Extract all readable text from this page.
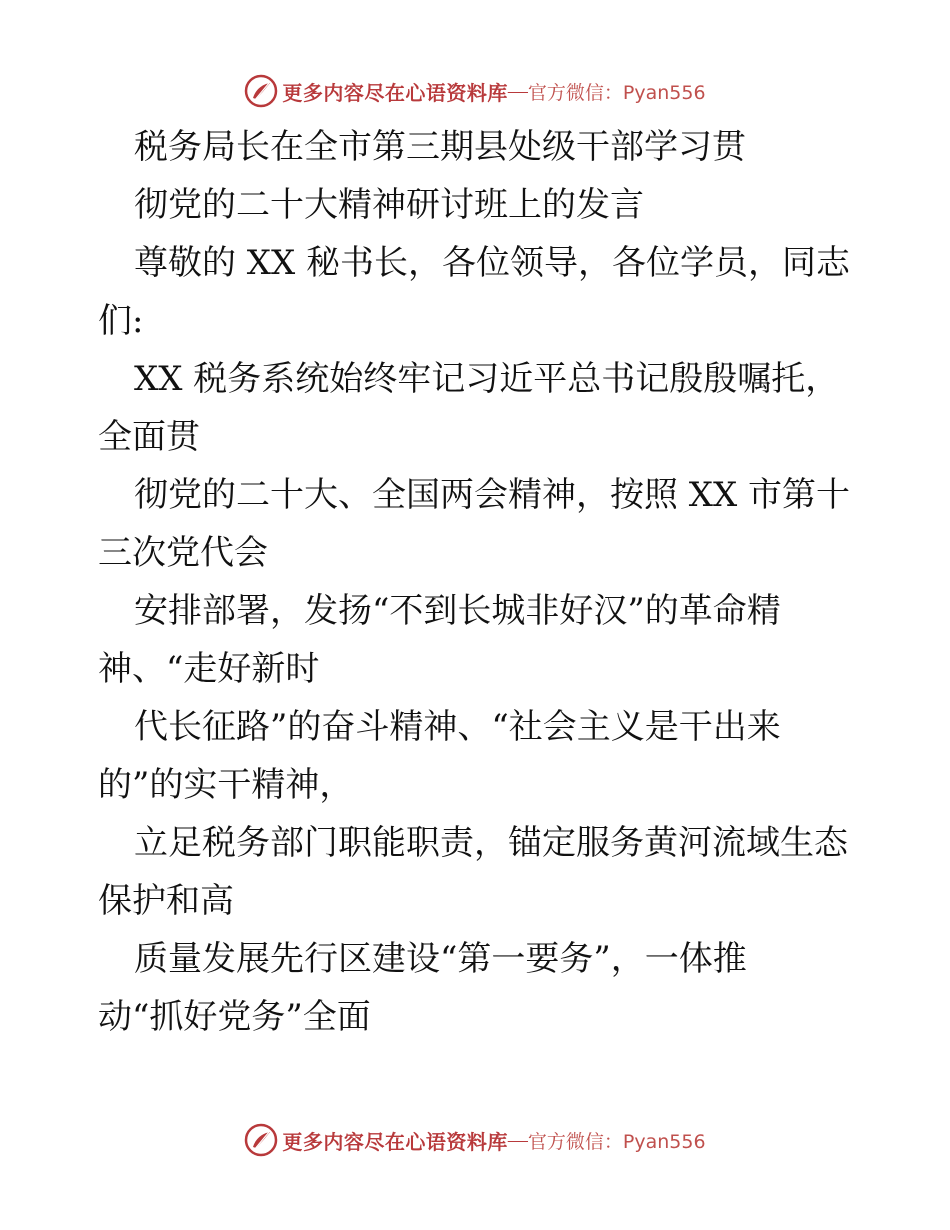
更多内容尽在心语资料库 — 官方微信：Pyan556
税务局长在全市第三期县处级干部学习贯
彻党的二十大精神研讨班上的发言
尊敬的 XX 秘书长，各位领导，各位学员，同志
们:
XX 税务系统始终牢记习近平总书记殷殷嘱托，
全面贯
彻党的二十大、全国两会精神，按照 XX 市第十
三次党代会
安排部署，发扬“不到长城非好汉”的革命精
神、“走好新时
代长征路”的奋斗精神、“社会主义是干出来
的”的实干精神，
立足税务部门职能职责，锚定服务黄河流域生态
保护和高
质量发展先行区建设“第一要务”，一体推
动“抓好党务”全面
更多内容尽在心语资料库 — 官方微信：Pyan556
